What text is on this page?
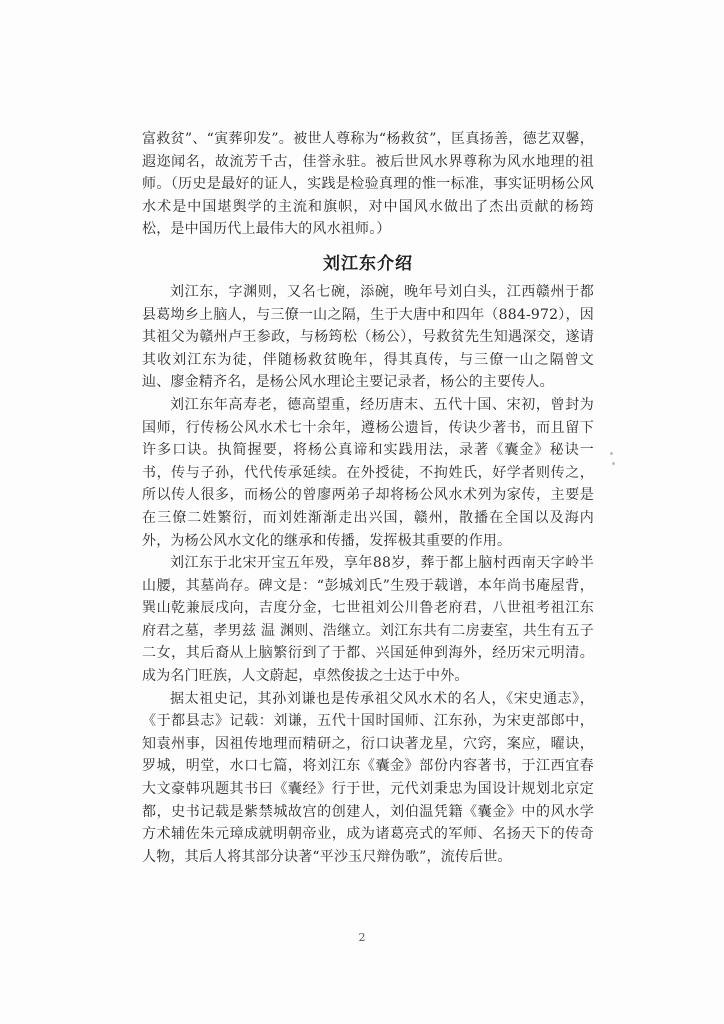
富救贫”、“寅葬卯发”。被世人尊称为“杨救贫”，匡真扬善，德艺双馨，遐迩闻名，故流芳千古，佳誉永驻。被后世风水界尊称为风水地理的祖师。（历史是最好的证人，实践是检验真理的惟一标准，事实证明杨公风水术是中国堪舆学的主流和旗帜，对中国风水做出了杰出贡献的杨筠松，是中国历代上最伟大的风水祖师。）

刘江东介绍

刘江东，字渊则，又名七碗，添碗，晚年号刘白头，江西赣州于都县葛坳乡上脑人，与三僚一山之隔，生于大唐中和四年（884-972），因其祖父为赣州卢王参政，与杨筠松（杨公），号救贫先生知遇深交，遂请其收刘江东为徒，伴随杨救贫晚年，得其真传，与三僚一山之隔曾文辿、廖金精齐名，是杨公风水理论主要记录者，杨公的主要传人。

刘江东年高寿老，德高望重，经历唐末、五代十国、宋初，曾封为国师，行传杨公风水术七十余年，遵杨公遗旨，传诀少著书，而且留下许多口诀。执简握要，将杨公真谛和实践用法，录著《囊金》秘诀一书，传与子孙，代代传承延续。在外授徒，不拘姓氏，好学者则传之，所以传人很多，而杨公的曾廖两弟子却将杨公风水术列为家传，主要是在三僚二姓繁衍，而刘姓渐渐走出兴国，赣州，散播在全国以及海内外，为杨公风水文化的继承和传播，发挥极其重要的作用。

刘江东于北宋开宝五年殁，享年88岁，葬于都上脑村西南天字岭半山腰，其墓尚存。碑文是：“彭城刘氏”生殁于载谱，本年尚书庵屋背，巽山乾兼辰戌向，吉度分金，七世祖刘公川鲁老府君，八世祖考祖江东府君之墓，孝男兹 温 渊则、浩继立。刘江东共有二房妻室，共生有五子二女，其后裔从上脑繁衍到了于都、兴国延伸到海外，经历宋元明清。成为名门旺族，人文蔚起，卓然俊拔之士达于中外。

据太祖史记，其孙刘谦也是传承祖父风水术的名人，《宋史通志》，《于都县志》记载：刘谦，五代十国时国师、江东孙，为宋吏部郎中，知袁州事，因祖传地理而精研之，衍口诀著龙星，穴窍，案应，曜诀，罗城，明堂，水口七篇，将刘江东《囊金》部份内容著书，于江西宜春大文豪韩巩题其书曰《囊经》行于世，元代刘秉忠为国设计规划北京定都，史书记载是紫禁城故宫的创建人，刘伯温凭籍《囊金》中的风水学方术辅佐朱元璋成就明朝帝业，成为诸葛亮式的军师、名扬天下的传奇人物，其后人将其部分诀著“平沙玉尺辩伪歌”，流传后世。

2
